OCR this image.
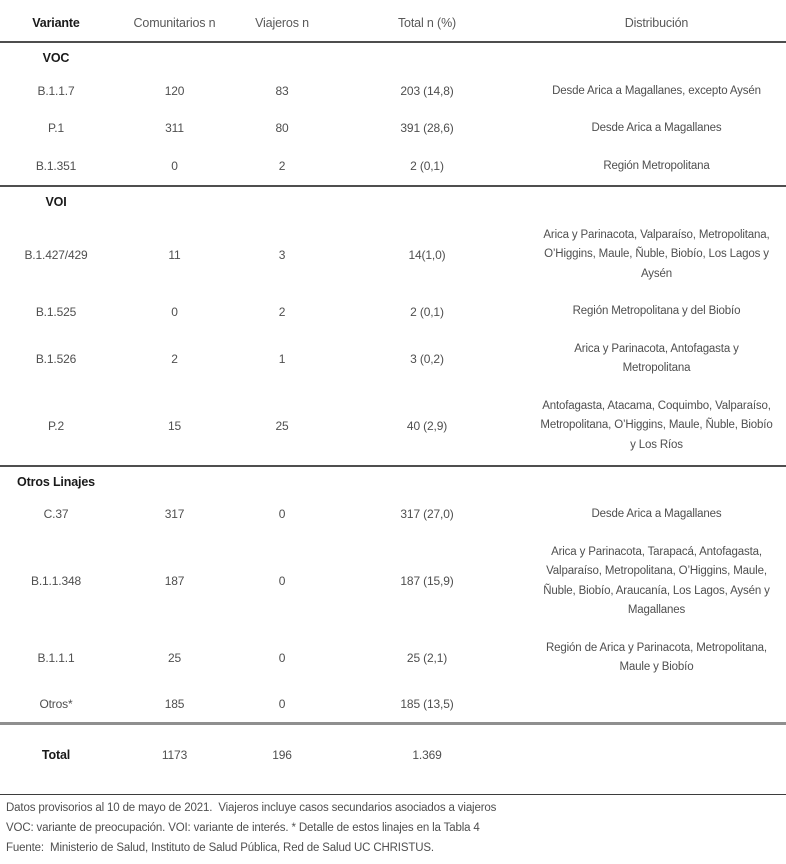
Variante	Comunitarios n	Viajeros n	Total n (%)	Distribución
VOC				
B.1.1.7	120	83	203 (14,8)	Desde Arica a Magallanes, excepto Aysén
P.1	311	80	391 (28,6)	Desde Arica a Magallanes
B.1.351	0	2	2 (0,1)	Región Metropolitana
VOI				
B.1.427/429	11	3	14(1,0)	Arica y Parinacota, Valparaíso, Metropolitana, O’Higgins, Maule, Ñuble, Biobío, Los Lagos y Aysén
B.1.525	0	2	2 (0,1)	Región Metropolitana y del Biobío
B.1.526	2	1	3 (0,2)	Arica y Parinacota, Antofagasta y Metropolitana
P.2	15	25	40 (2,9)	Antofagasta, Atacama, Coquimbo, Valparaíso, Metropolitana, O’Higgins, Maule, Ñuble, Biobío y Los Ríos
Otros Linajes				
C.37	317	0	317 (27,0)	Desde Arica a Magallanes
B.1.1.348	187	0	187 (15,9)	Arica y Parinacota, Tarapacá, Antofagasta, Valparaíso, Metropolitana, O’Higgins, Maule, Ñuble, Biobío, Araucanía, Los Lagos, Aysén y Magallanes
B.1.1.1	25	0	25 (2,1)	Región de Arica y Parinacota, Metropolitana, Maule y Biobío
Otros*	185	0	185 (13,5)	
Total	1173	196	1.369	
Datos provisorios al 10 de mayo de 2021.  Viajeros incluye casos secundarios asociados a viajeros
VOC: variante de preocupación. VOI: variante de interés. * Detalle de estos linajes en la Tabla 4
Fuente:  Ministerio de Salud, Instituto de Salud Pública, Red de Salud UC CHRISTUS.
